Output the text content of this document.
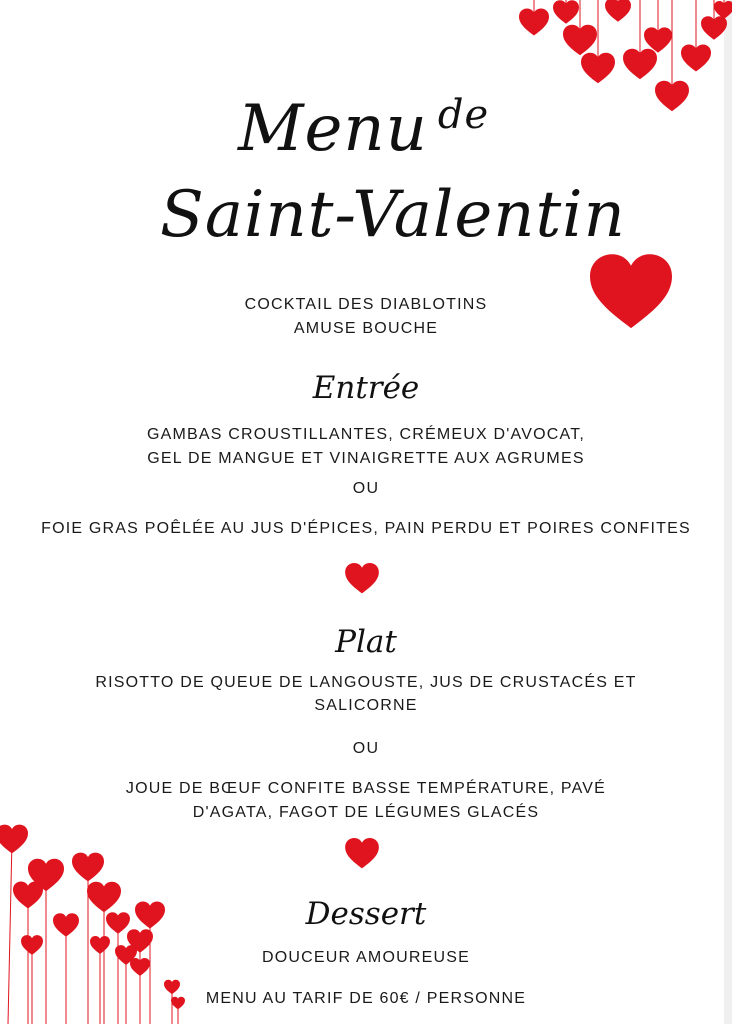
Menu $^{de}$
Saint-Valentin
COCKTAIL DES DIABLOTINS
AMUSE BOUCHE
Entrée
GAMBAS CROUSTILLANTES, CRÉMEUX D'AVOCAT,
GEL DE MANGUE ET VINAIGRETTE AUX AGRUMES
OU
FOIE GRAS POÊLÉE AU JUS D'ÉPICES, PAIN PERDU ET POIRES CONFITES
Plat
RISOTTO DE QUEUE DE LANGOUSTE, JUS DE CRUSTACÉS ET
SALICORNE
OU
JOUE DE BŒUF CONFITE BASSE TEMPÉRATURE, PAVÉ
D'AGATA, FAGOT DE LÉGUMES GLACÉS
Dessert
DOUCEUR AMOUREUSE
MENU AU TARIF DE 60€ / PERSONNE
